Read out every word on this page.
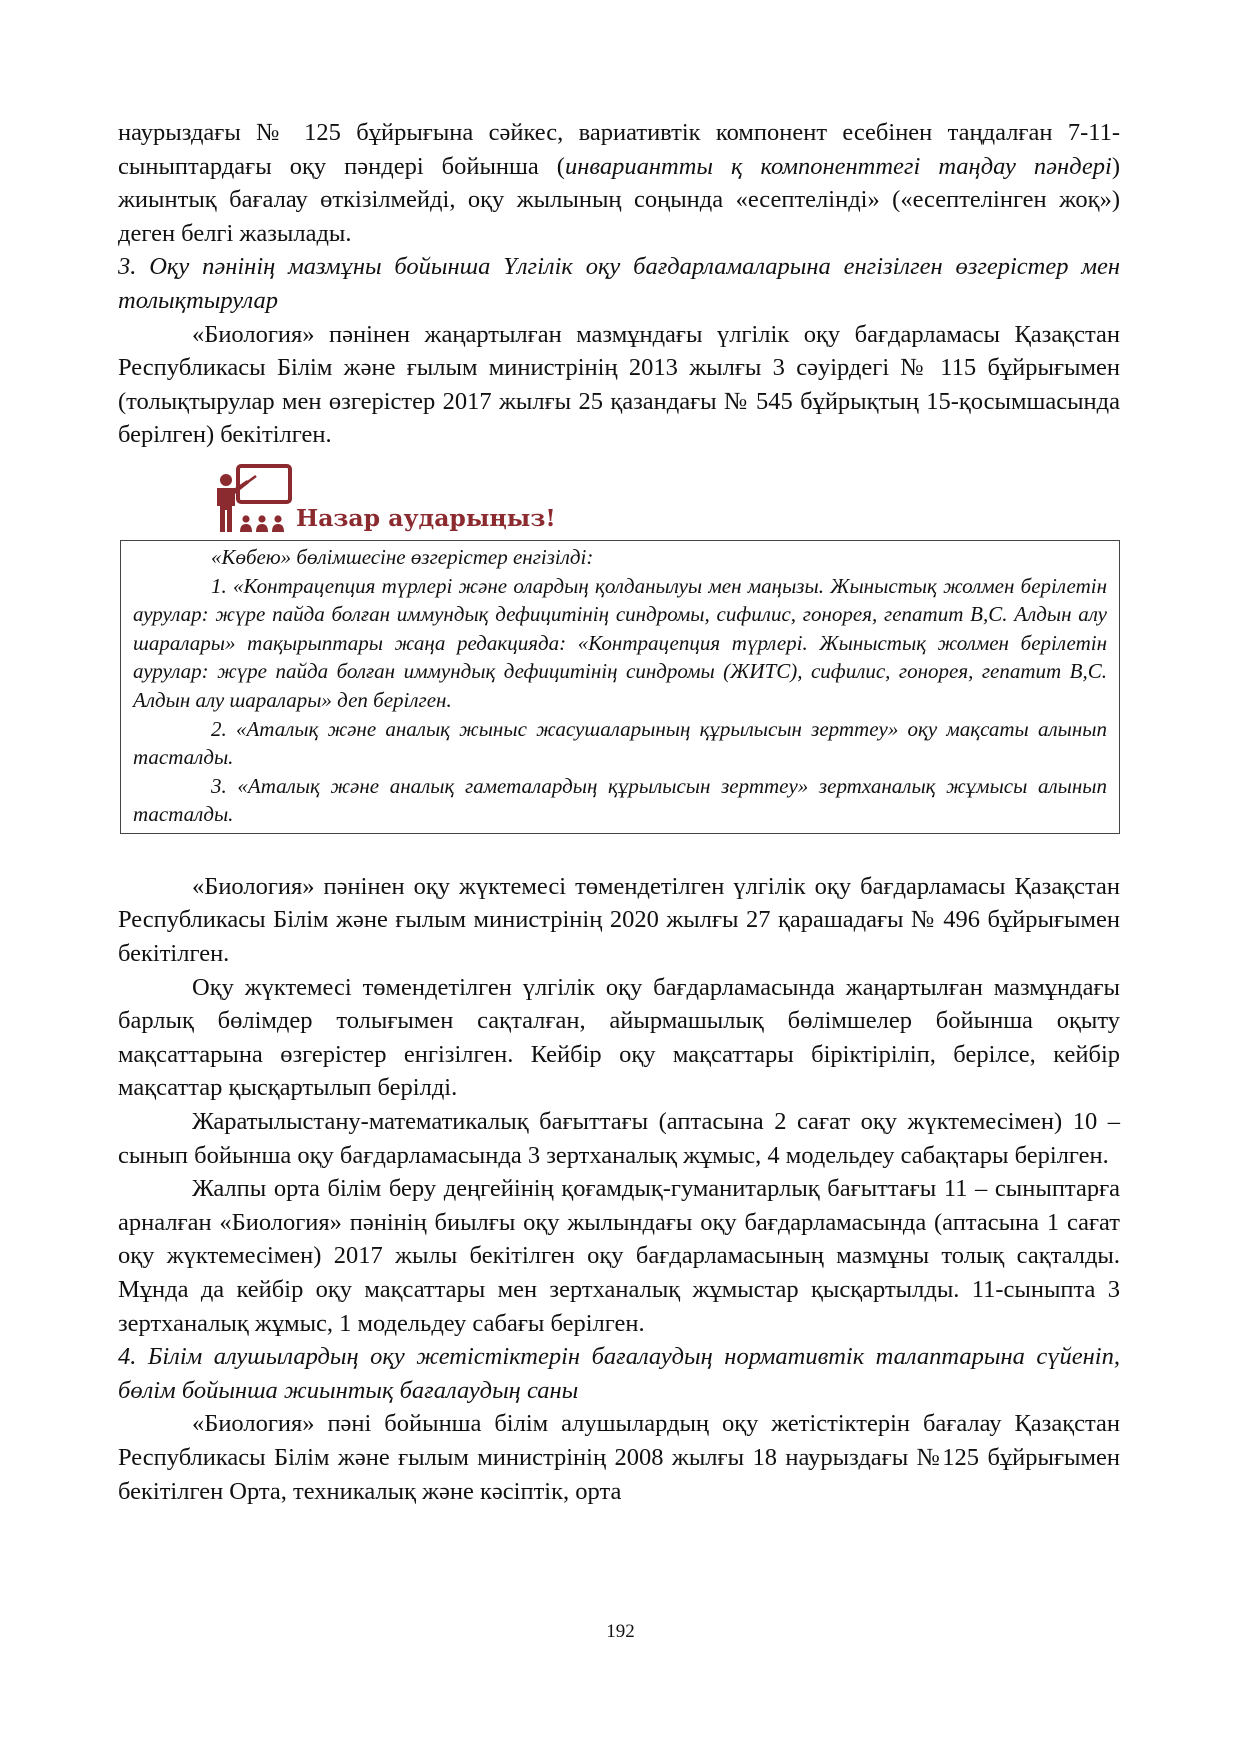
наурыздағы № 125 бұйрығына сәйкес, вариативтік компонент есебінен таңдалған 7-11-сыныптардағы оқу пәндері бойынша (инвариантты қ компоненттегі таңдау пәндері) жиынтық бағалау өткізілмейді, оқу жылының соңында «есептелінді» («есептелінген жоқ») деген белгі жазылады.

3. Оқу пәнінің мазмұны бойынша Үлгілік оқу бағдарламаларына енгізілген өзгерістер мен толықтырулар

«Биология» пәнінен жаңартылған мазмұндағы үлгілік оқу бағдарламасы Қазақстан Республикасы Білім және ғылым министрінің 2013 жылғы 3 сәуірдегі № 115 бұйрығымен (толықтырулар мен өзгерістер 2017 жылғы 25 қазандағы № 545 бұйрықтың 15-қосымшасында берілген) бекітілген.

Назар аударыңыз!

«Көбею» бөлімшесіне өзгерістер енгізілді:

1. «Контрацепция түрлері және олардың қолданылуы мен маңызы. Жыныстық жолмен берілетін аурулар: жүре пайда болған иммундық дефицитінің синдромы, сифилис, гонорея, гепатит В,С. Алдын алу шаралары» тақырыптары жаңа редакцияда: «Контрацепция түрлері. Жыныстық жолмен берілетін аурулар: жүре пайда болған иммундық дефицитінің синдромы (ЖИТС), сифилис, гонорея, гепатит В,С. Алдын алу шаралары» деп берілген.

2. «Аталық және аналық жыныс жасушаларының құрылысын зерттеу» оқу мақсаты алынып тасталды.

3. «Аталық және аналық гаметалардың құрылысын зерттеу» зертханалық жұмысы алынып тасталды.

«Биология» пәнінен оқу жүктемесі төмендетілген үлгілік оқу бағдарламасы Қазақстан Республикасы Білім және ғылым министрінің 2020 жылғы 27 қарашадағы № 496 бұйрығымен бекітілген.

Оқу жүктемесі төмендетілген үлгілік оқу бағдарламасында жаңартылған мазмұндағы барлық бөлімдер толығымен сақталған, айырмашылық бөлімшелер бойынша оқыту мақсаттарына өзгерістер енгізілген. Кейбір оқу мақсаттары біріктіріліп, берілсе, кейбір мақсаттар қысқартылып берілді.

Жаратылыстану-математикалық бағыттағы (аптасына 2 сағат оқу жүктемесімен) 10 – сынып бойынша оқу бағдарламасында 3 зертханалық жұмыс, 4 модельдеу сабақтары берілген.

Жалпы орта білім беру деңгейінің қоғамдық-гуманитарлық бағыттағы 11 – сыныптарға арналған «Биология» пәнінің биылғы оқу жылындағы оқу бағдарламасында (аптасына 1 сағат оқу жүктемесімен) 2017 жылы бекітілген оқу бағдарламасының мазмұны толық сақталды. Мұнда да кейбір оқу мақсаттары мен зертханалық жұмыстар қысқартылды. 11-сыныпта 3 зертханалық жұмыс, 1 модельдеу сабағы берілген.

4. Білім алушылардың оқу жетістіктерін бағалаудың нормативтік талаптарына сүйеніп, бөлім бойынша жиынтық бағалаудың саны

«Биология» пәні бойынша білім алушылардың оқу жетістіктерін бағалау Қазақстан Республикасы Білім және ғылым министрінің 2008 жылғы 18 наурыздағы №125 бұйрығымен бекітілген Орта, техникалық және кәсіптік, орта

192
